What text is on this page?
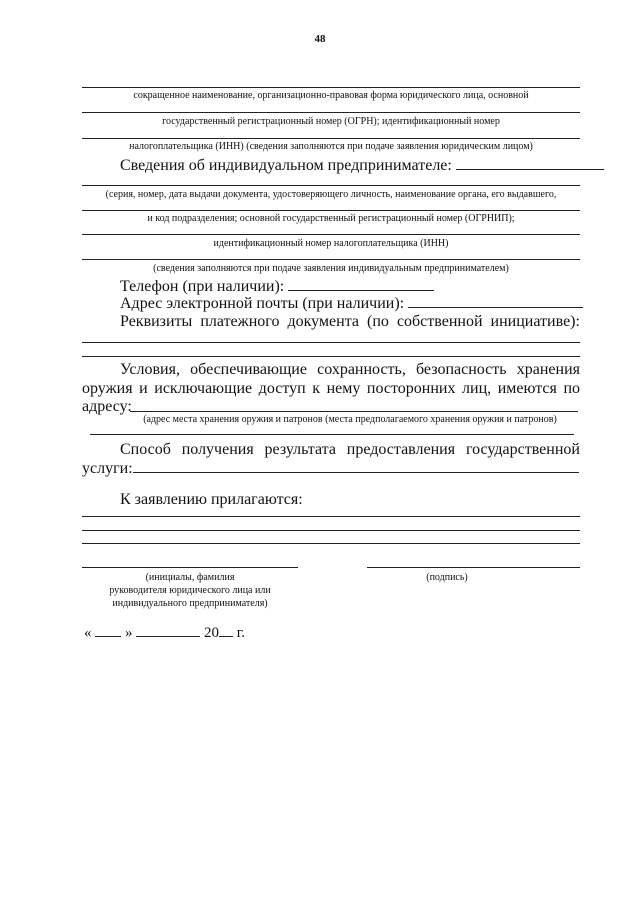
48
сокращенное наименование, организационно-правовая форма юридического лица, основной
государственный регистрационный номер (ОГРН); идентификационный номер
налогоплательщика (ИНН) (сведения заполняются при подаче заявления юридическим лицом)
Сведения об индивидуальном предпринимателе:
(серия, номер, дата выдачи документа, удостоверяющего личность, наименование органа, его выдавшего,
и код подразделения; основной государственный регистрационный номер (ОГРНИП);
идентификационный номер налогоплательщика (ИНН)
(сведения заполняются при подаче заявления индивидуальным предпринимателем)
Телефон (при наличии):
Адрес электронной почты (при наличии):
Реквизиты платежного документа (по собственной инициативе):
Условия, обеспечивающие сохранность, безопасность хранения
оружия и исключающие доступ к нему посторонних лиц, имеются по
адресу:
(адрес места хранения оружия и патронов (места предполагаемого хранения оружия и патронов)
Способ получения результата предоставления государственной
услуги:
К заявлению прилагаются:
(инициалы, фамилия
руководителя юридического лица или
индивидуального предпринимателя)
(подпись)
« »	20 г.
